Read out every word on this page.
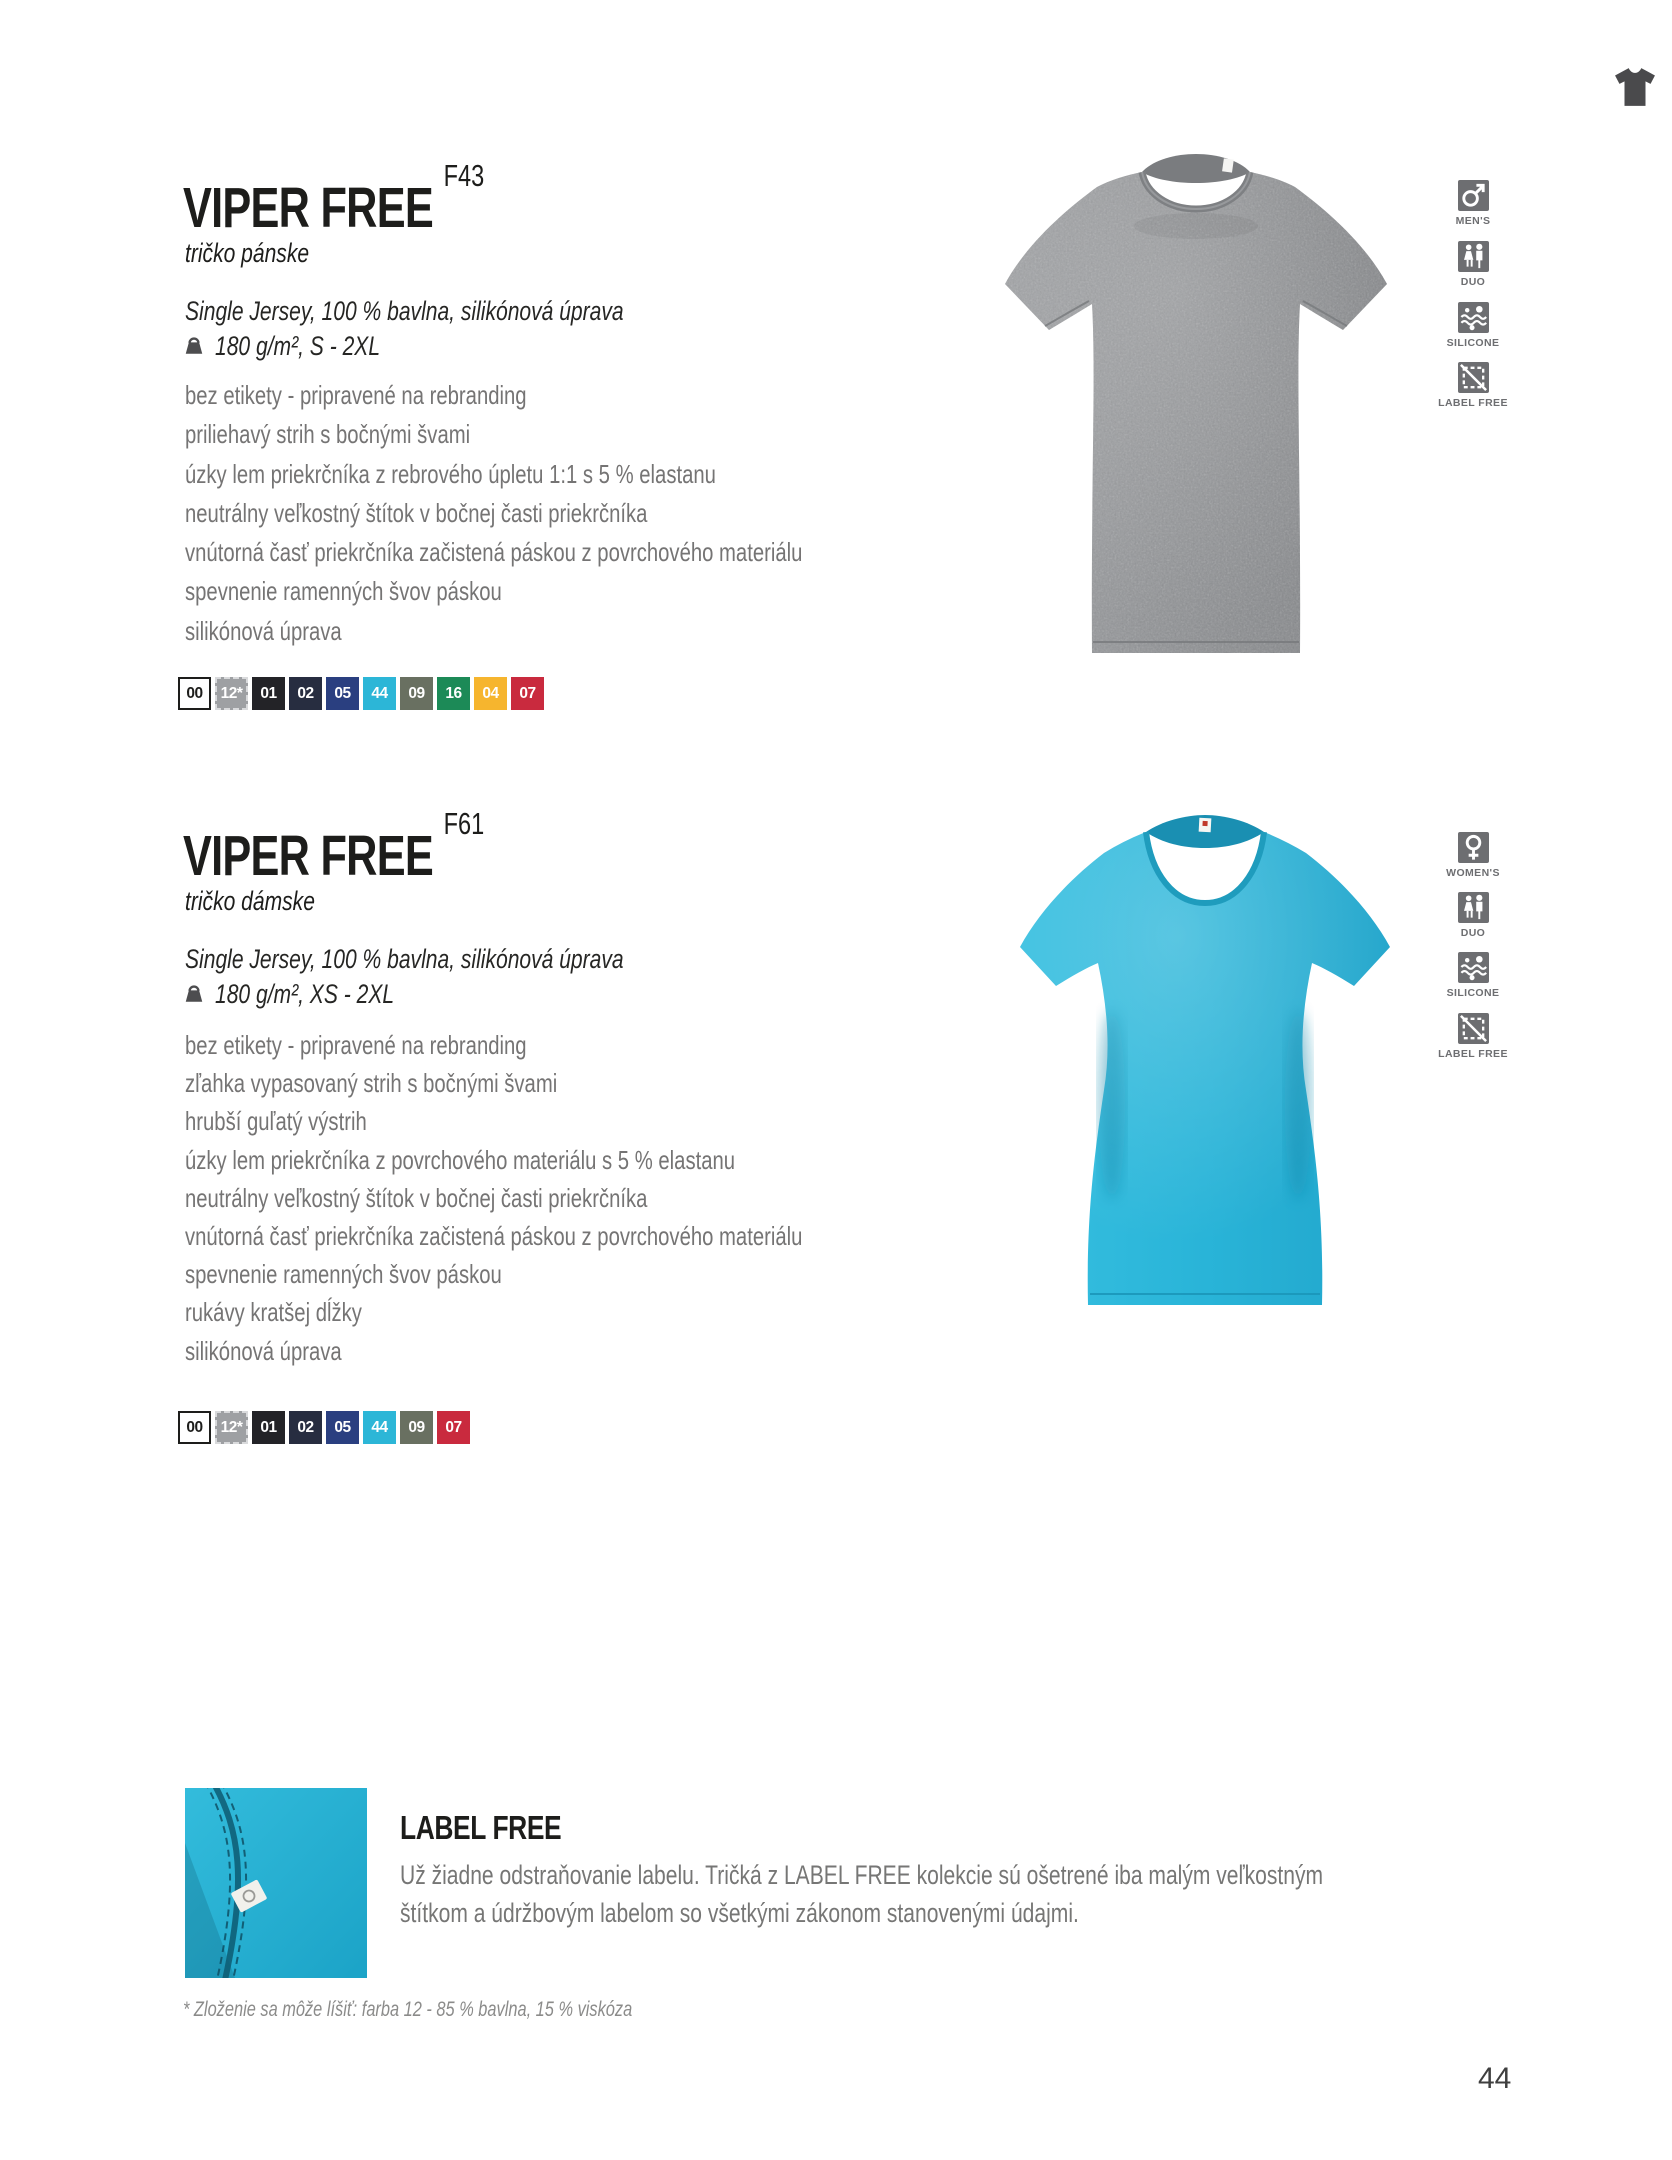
VIPER $FREE^{F43}$
tričko pánske
Single Jersey, 100 % bavlna, silikónová úprava
180 g/m², S - 2XL
bez etikety - pripravené na rebranding
priliehavý strih s bočnými švami
úzky lem priekrčníka z rebrového úpletu 1:1 s 5 % elastanu
neutrálny veľkostný štítok v bočnej časti priekrčníka
vnútorná časť priekrčníka začistená páskou z povrchového materiálu
spevnenie ramenných švov páskou
silikónová úprava
00	12*	01	02	05	44	09	16	04	07
MEN'S
DUO
SILICONE
LABEL FREE
VIPER $FREE^{F61}$
tričko dámske
Single Jersey, 100 % bavlna, silikónová úprava
180 g/m², XS - 2XL
bez etikety - pripravené na rebranding
zľahka vypasovaný strih s bočnými švami
hrubší guľatý výstrih
úzky lem priekrčníka z povrchového materiálu s 5 % elastanu
neutrálny veľkostný štítok v bočnej časti priekrčníka
vnútorná časť priekrčníka začistená páskou z povrchového materiálu
spevnenie ramenných švov páskou
rukávy kratšej dĺžky
silikónová úprava
00	12*	01	02	05	44	09	07
WOMEN'S
DUO
SILICONE
LABEL FREE
LABEL FREE
Už žiadne odstraňovanie labelu. Tričká z LABEL FREE kolekcie sú ošetrené iba malým veľkostným štítkom a údržbovým labelom so všetkými zákonom stanovenými údajmi.
* Zloženie sa môže líšiť: farba 12 - 85 % bavlna, 15 % viskóza
44
